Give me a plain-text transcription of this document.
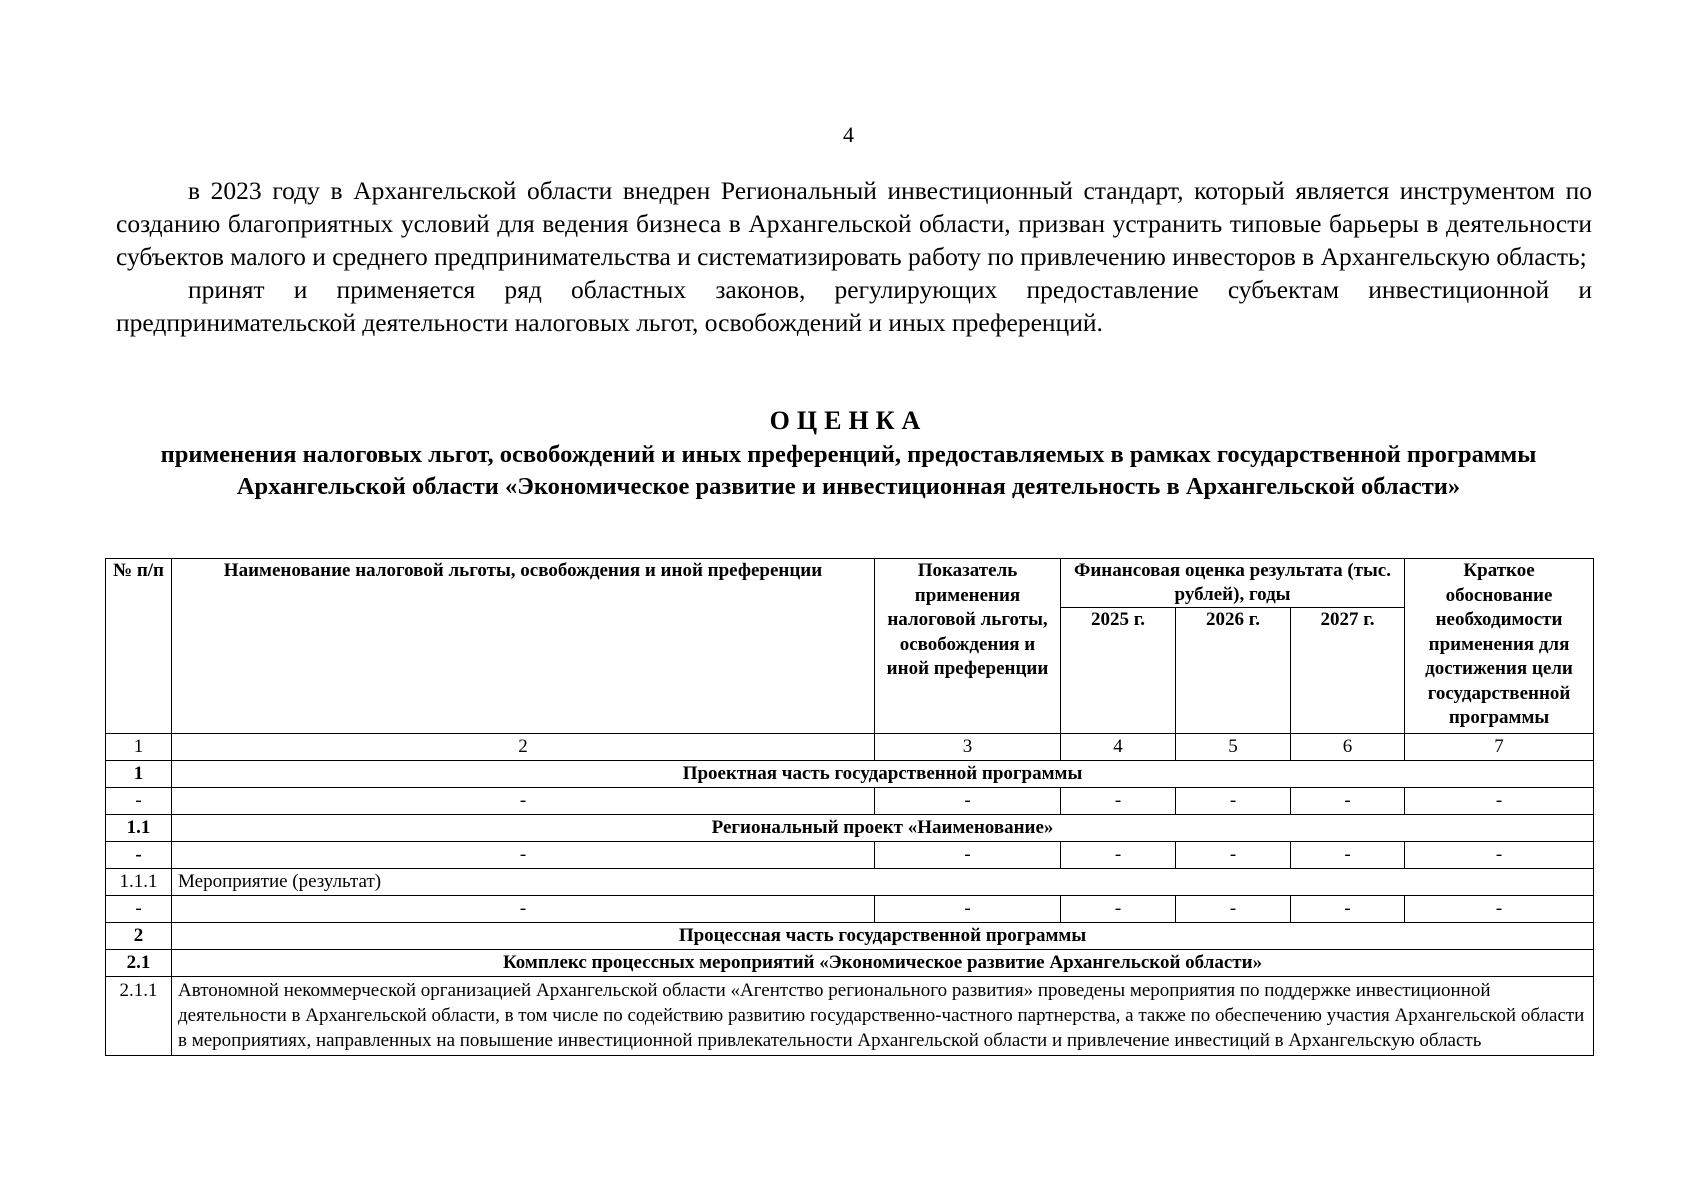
4

в 2023 году в Архангельской области внедрен Региональный инвестиционный стандарт, который является инструментом по созданию благоприятных условий для ведения бизнеса в Архангельской области, призван устранить типовые барьеры в деятельности субъектов малого и среднего предпринимательства и систематизировать работу по привлечению инвесторов в Архангельскую область;

принят и применяется ряд областных законов, регулирующих предоставление субъектам инвестиционной и предпринимательской деятельности налоговых льгот, освобождений и иных преференций.

ОЦЕНКА
применения налоговых льгот, освобождений и иных преференций, предоставляемых в рамках государственной программы Архангельской области «Экономическое развитие и инвестиционная деятельность в Архангельской области»
№ п/п	Наименование налоговой льготы, освобождения и иной преференции	Показатель применения налоговой льготы, освобождения и иной преференции	Финансовая оценка результата (тыс. рублей), годы			Краткое обоснование необходимости применения для достижения цели государственной программы
			2025 г.	2026 г.	2027 г.	
1	2	3	4	5	6	7
1	Проектная часть государственной программы					
-	-	-	-	-	-	-
1.1	Региональный проект «Наименование»					
-	-	-	-	-	-	-
1.1.1	Мероприятие (результат)					
-	-	-	-	-	-	-
2	Процессная часть государственной программы					
2.1	Комплекс процессных мероприятий «Экономическое развитие Архангельской области»					
2.1.1	Автономной некоммерческой организацией Архангельской области «Агентство регионального развития» проведены мероприятия по поддержке инвестиционной деятельности в Архангельской области, в том числе по содействию развитию государственно-частного партнерства, а также по обеспечению участия Архангельской области в мероприятиях, направленных на повышение инвестиционной привлекательности Архангельской области и привлечение инвестиций в Архангельскую область					
